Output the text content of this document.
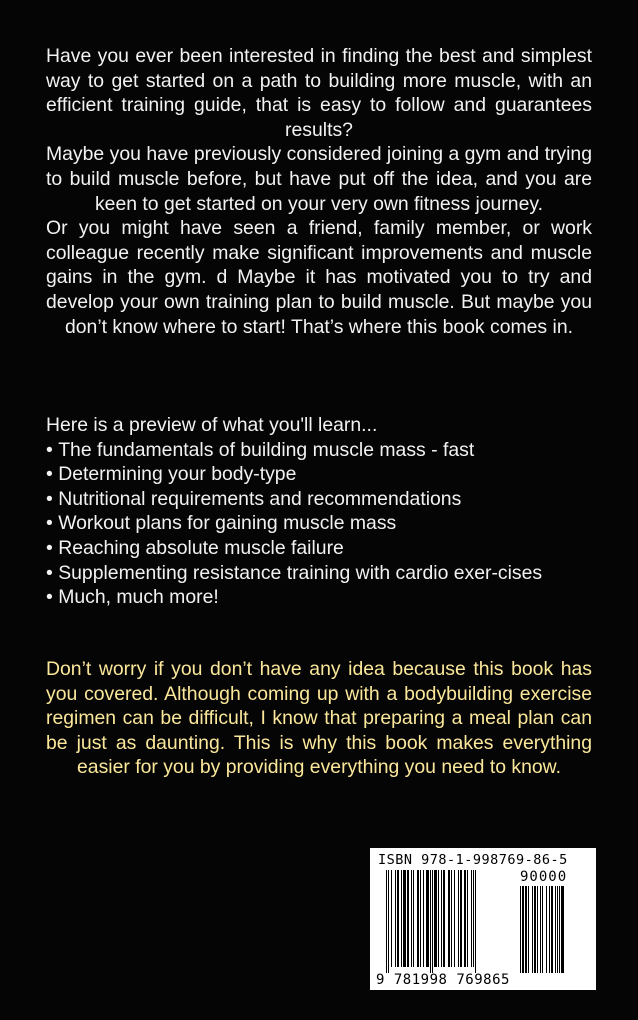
Have you ever been interested in finding the best and simplest way to get started on a path to building more muscle, with an efficient training guide, that is easy to follow and guarantees results?

Maybe you have previously considered joining a gym and trying to build muscle before, but have put off the idea, and you are keen to get started on your very own fitness journey.

Or you might have seen a friend, family member, or work colleague recently make significant improvements and muscle gains in the gym. d Maybe it has motivated you to try and develop your own training plan to build muscle. But maybe you don’t know where to start! That’s where this book comes in.

Here is a preview of what you'll learn...

• The fundamentals of building muscle mass - fast
• Determining your body-type
• Nutritional requirements and recommendations
• Workout plans for gaining muscle mass
• Reaching absolute muscle failure
• Supplementing resistance training with cardio exer-cises
• Much, much more!

Don’t worry if you don’t have any idea because this book has you covered. Although coming up with a bodybuilding exercise regimen can be difficult, I know that preparing a meal plan can be just as daunting. This is why this book makes everything easier for you by providing everything you need to know.

ISBN 978-1-998769-86-5
90000
9 781998 769865
